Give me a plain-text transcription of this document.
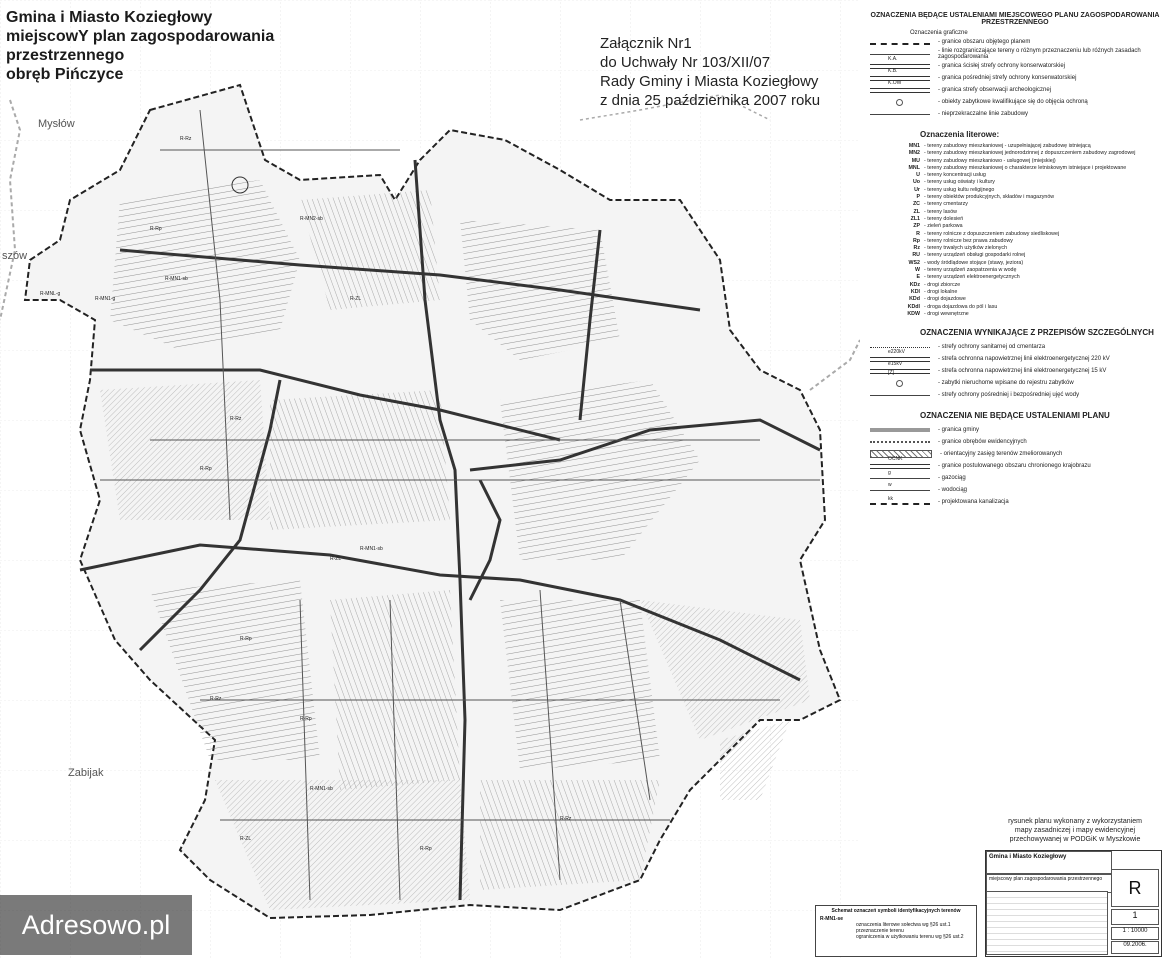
R-Rz
R-Rp
R-MN1-sb
R-MN2-sb
R-ZL
R-MN1-g
R-MNL-g
R-Rz
R-Rp
R-ZL
R-MN1-sb
R-Rp
R-Rz
R-Rp
R-MN1-sb
R-ZL
R-Rp
R-Rz
Mysłów
szów
Zabijak
Gmina i Miasto Koziegłowy
miejscowY plan zagospodarowania
przestrzennego
obręb Pińczyce
Załącznik Nr1
do Uchwały Nr 103/XII/07
Rady Gminy i Miasta Koziegłowy
z dnia 25 października 2007 roku
OZNACZENIA BĘDĄCE USTALENIAMI MIEJSCOWEGO PLANU ZAGOSPODAROWANIA PRZESTRZENNEGO
Oznaczenia graficzne
- granice obszaru objętego planem
- linie rozgraniczające tereny o różnym przeznaczeniu lub różnych zasadach zagospodarowania
K.A.
- granica ścisłej strefy ochrony konserwatorskiej
K.B.
- granica pośredniej strefy ochrony konserwatorskiej
K.OW
- granica strefy obserwacji archeologicznej
- obiekty zabytkowe kwalifikujące się do objęcia ochroną
- nieprzekraczalne linie zabudowy
Oznaczenia literowe:
MN1 - tereny zabudowy mieszkaniowej - uzupełniającej zabudowę istniejącą
MN2 - tereny zabudowy mieszkaniowej jednorodzinnej z dopuszczeniem zabudowy zagrodowej
MU - tereny zabudowy mieszkaniowo - usługowej (miejskiej)
MNL - tereny zabudowy mieszkaniowej o charakterze letniskowym istniejące i projektowane
U - tereny koncentracji usług
Uo - tereny usług oświaty i kultury
Ur - tereny usług kultu religijnego
P - tereny obiektów produkcyjnych, składów i magazynów
ZC - tereny cmentarzy
ZL - tereny lasów
ZL1 - tereny dolesień
ZP - zieleń parkowa
R - tereny rolnicze z dopuszczeniem zabudowy siedliskowej
Rp - tereny rolnicze bez prawa zabudowy
Rz - tereny trwałych użytków zielonych
RU - tereny urządzeń obsługi gospodarki rolnej
WS2 - wody śródlądowe stojące (stawy, jeziora)
W - tereny urządzeń zaopatrzenia w wodę
E - tereny urządzeń elektroenergetycznych
KDz - drogi zbiorcze
KDl - drogi lokalne
KDd - drogi dojazdowe
KDdl - droga dojazdowa do pól i lasu
KDW - drogi wewnętrzne
OZNACZENIA WYNIKAJĄCE Z PRZEPISÓW SZCZEGÓLNYCH
- strefy ochrony sanitarnej od cmentarza
e220kV
- strefa ochronna napowietrznej linii elektroenergetycznej 220 kV
e15kV
- strefa ochronna napowietrznej linii elektroenergetycznej 15 kV
[Z]
- zabytki nieruchome wpisane do rejestru zabytków
- strefy ochrony pośredniej i bezpośredniej ujęć wody
OZNACZENIA NIE BĘDĄCE USTALENIAMI PLANU
- granica gminy
- granice obrębów ewidencyjnych
- orientacyjny zasięg terenów zmeliorowanych
OCNK
- granice postulowanego obszaru chronionego krajobrazu
g
- gazociąg
w
- wodociąg
kk	- projektowana kanalizacja
rysunek planu wykonany z wykorzystaniem
mapy zasadniczej i mapy ewidencyjnej
przechowywanej w PODGiK w Myszkowie
Gmina i Miasto Koziegłowy
miejscowy plan zagospodarowania przestrzennego	R
1
1 : 10000
09.2006.
Schemat oznaczeń symboli identyfikacyjnych terenów
R-MN1-se
oznaczenia literowe sołectwa wg §26 ust.1
przeznaczenie terenu
ograniczenia w użytkowaniu terenu wg §26 ust.2
Adresowo.pl
